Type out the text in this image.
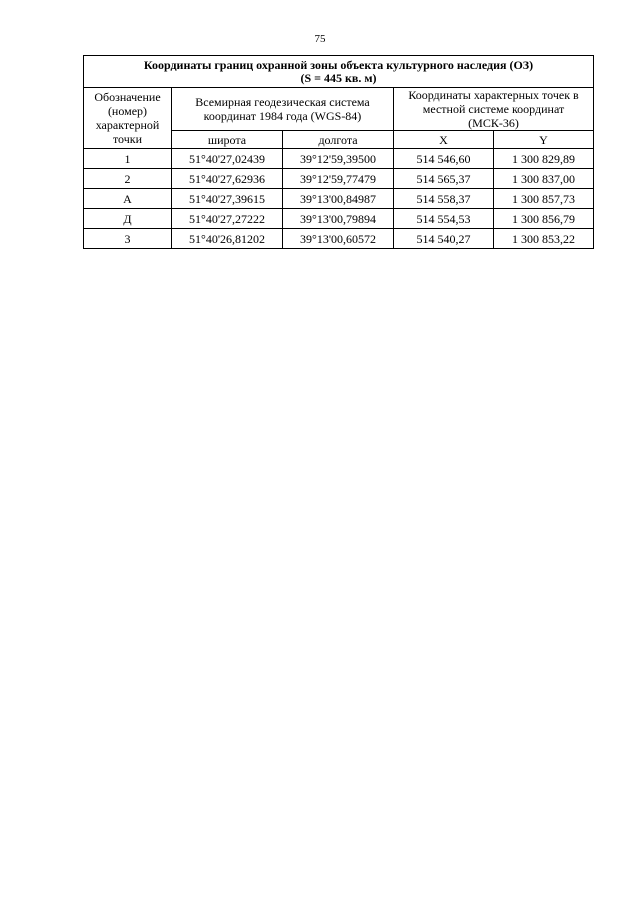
75
Координаты границ охранной зоны объекта культурного наследия (ОЗ)
(S = 445 кв. м)				

Обозначение (номер) характерной точки	Всемирная геодезическая система координат 1984 года (WGS-84)		Координаты характерных точек в местной системе координат (МСК-36)	
	широта	долгота	X	Y
1	51°40'27,02439	39°12'59,39500	514 546,60	1 300 829,89
2	51°40'27,62936	39°12'59,77479	514 565,37	1 300 837,00
А	51°40'27,39615	39°13'00,84987	514 558,37	1 300 857,73
Д	51°40'27,27222	39°13'00,79894	514 554,53	1 300 856,79
3	51°40'26,81202	39°13'00,60572	514 540,27	1 300 853,22
